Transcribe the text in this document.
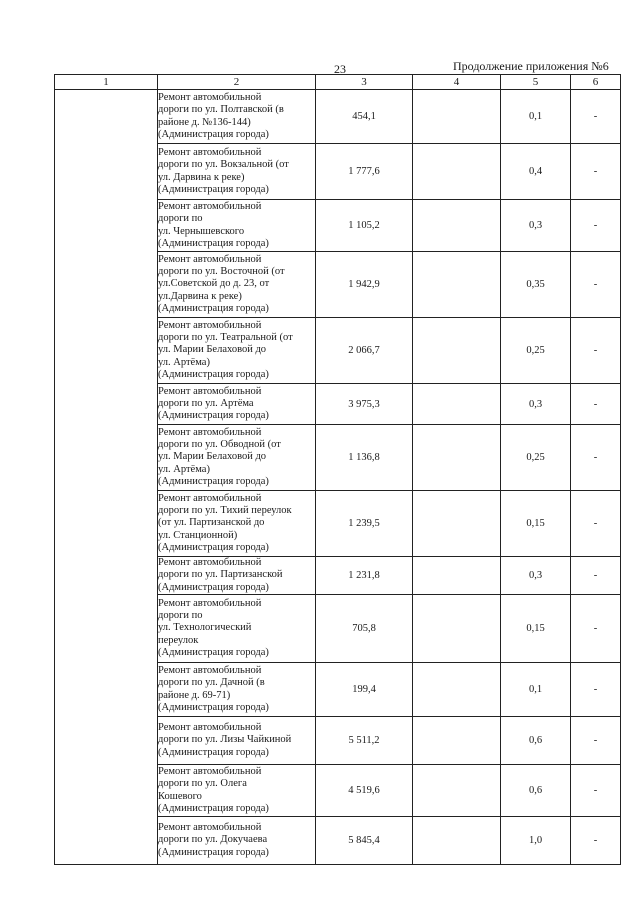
23	Продолжение приложения №6
1	2	3	4	5	6

	Ремонт автомобильной
дороги по ул. Полтавской (в
районе д. №136-144)
(Администрация города)	454,1		0,1	-

	Ремонт автомобильной
дороги по ул. Вокзальной (от
ул. Дарвина к реке)
(Администрация города)	1 777,6		0,4	-

	Ремонт автомобильной
дороги по
ул. Чернышевского
(Администрация города)	1 105,2		0,3	-

	Ремонт автомобильной
дороги по ул. Восточной (от
ул.Советской до д. 23, от
ул.Дарвина к реке)
(Администрация города)	1 942,9		0,35	-

	Ремонт автомобильной
дороги по ул. Театральной (от
ул. Марии Белаховой до
ул. Артёма)
(Администрация города)	2 066,7		0,25	-

	Ремонт автомобильной
дороги по ул. Артёма
(Администрация города)	3 975,3		0,3	-

	Ремонт автомобильной
дороги по ул. Обводной (от
ул. Марии Белаховой до
ул. Артёма)
(Администрация города)	1 136,8		0,25	-

	Ремонт автомобильной
дороги по ул. Тихий переулок
(от ул. Партизанской до
ул. Станционной)
(Администрация города)	1 239,5		0,15	-

	Ремонт автомобильной
дороги по ул. Партизанской
(Администрация города)	1 231,8		0,3	-

	Ремонт автомобильной
дороги по
ул. Технологический
переулок
(Администрация города)	705,8		0,15	-

	Ремонт автомобильной
дороги по ул. Дачной (в
районе д. 69-71)
(Администрация города)	199,4		0,1	-

	Ремонт автомобильной
дороги по ул. Лизы Чайкиной
(Администрация города)	5 511,2		0,6	-

	Ремонт автомобильной
дороги по ул. Олега
Кошевого
(Администрация города)	4 519,6		0,6	-

	Ремонт автомобильной
дороги по ул. Докучаева
(Администрация города)	5 845,4		1,0	-
